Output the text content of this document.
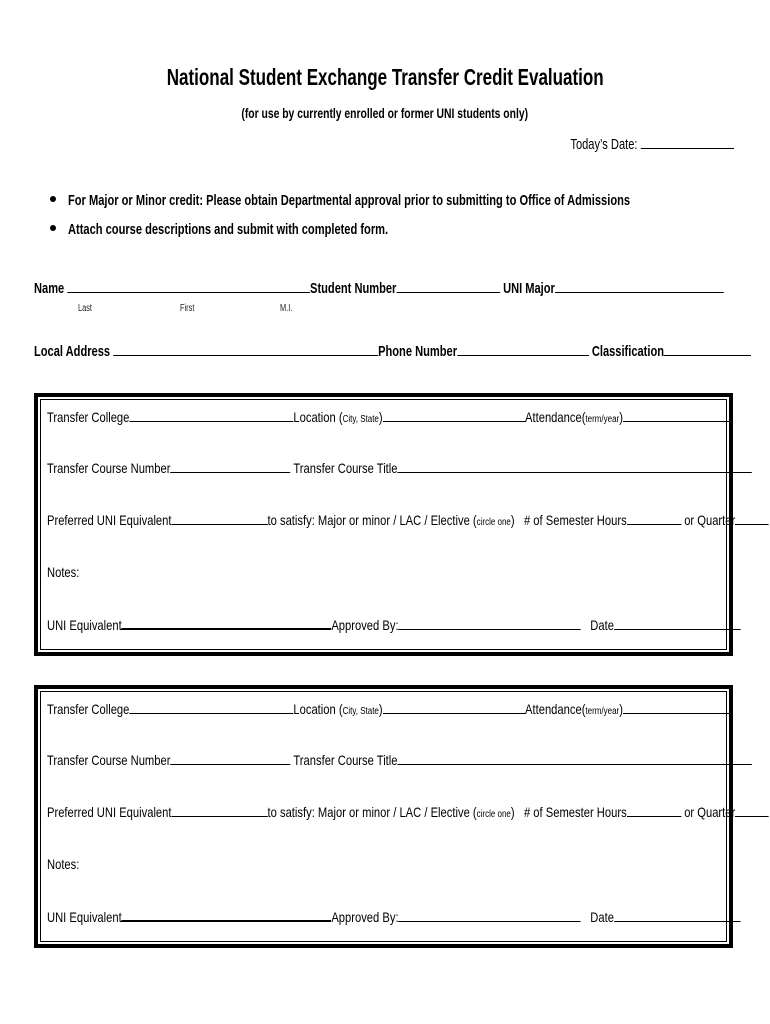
National Student Exchange Transfer Credit Evaluation
(for use by currently enrolled or former UNI students only)
Today’s Date:
For Major or Minor credit: Please obtain Departmental approval prior to submitting to Office of Admissions
Attach course descriptions and submit with completed form.
Name	Student Number	UNI Major
Last	First	M.I.
Local Address	Phone Number	Classification
Transfer College	Location (City, State)	Attendance(term/year)
Transfer Course Number	Transfer Course Title
Preferred UNI Equivalent	to satisfy: Major or minor / LAC / Elective (circle one) # of Semester Hours	or Quarter
Notes:
UNI Equivalent	Approved By:	Date
Transfer College	Location (City, State)	Attendance(term/year)
Transfer Course Number	Transfer Course Title
Preferred UNI Equivalent	to satisfy: Major or minor / LAC / Elective (circle one) # of Semester Hours	or Quarter
Notes:
UNI Equivalent	Approved By:	Date
